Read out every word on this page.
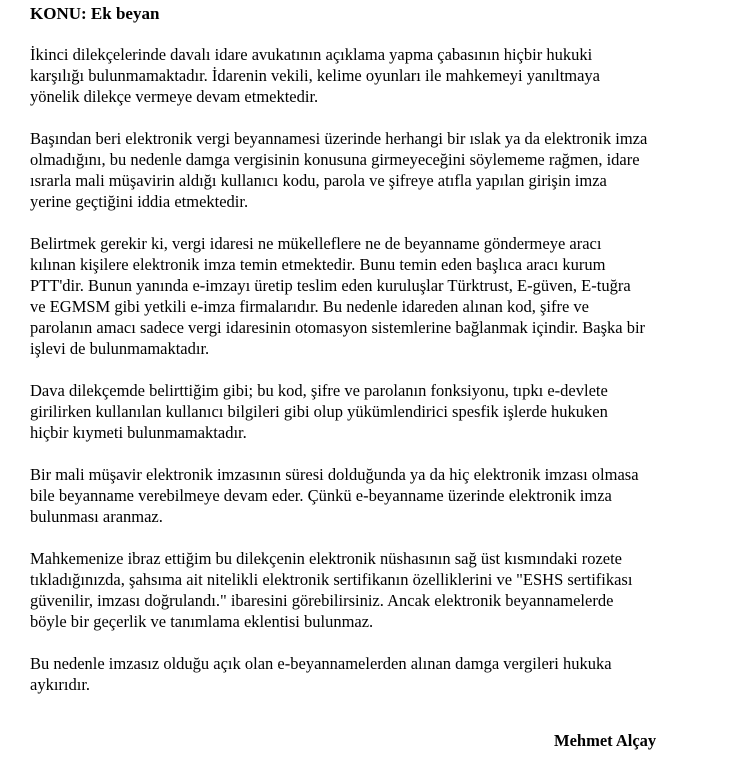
KONU: Ek beyan
İkinci dilekçelerinde davalı idare avukatının açıklama yapma çabasının hiçbir hukuki
karşılığı bulunmamaktadır. İdarenin vekili, kelime oyunları ile mahkemeyi yanıltmaya
yönelik dilekçe vermeye devam etmektedir.
Başından beri elektronik vergi beyannamesi üzerinde herhangi bir ıslak ya da elektronik imza
olmadığını, bu nedenle damga vergisinin konusuna girmeyeceğini söylememe rağmen, idare
ısrarla mali müşavirin aldığı kullanıcı kodu, parola ve şifreye atıfla yapılan girişin imza
yerine geçtiğini iddia etmektedir.
Belirtmek gerekir ki, vergi idaresi ne mükelleflere ne de beyanname göndermeye aracı
kılınan kişilere elektronik imza temin etmektedir. Bunu temin eden başlıca aracı kurum
PTT'dir. Bunun yanında e-imzayı üretip teslim eden kuruluşlar Türktrust, E-güven, E-tuğra
ve EGMSM gibi yetkili e-imza firmalarıdır. Bu nedenle idareden alınan kod, şifre ve
parolanın amacı sadece vergi idaresinin otomasyon sistemlerine bağlanmak içindir. Başka bir
işlevi de bulunmamaktadır.
Dava dilekçemde belirttiğim gibi; bu kod, şifre ve parolanın fonksiyonu, tıpkı e-devlete
girilirken kullanılan kullanıcı bilgileri gibi olup yükümlendirici spesfik işlerde hukuken
hiçbir kıymeti bulunmamaktadır.
Bir mali müşavir elektronik imzasının süresi dolduğunda ya da hiç elektronik imzası olmasa
bile beyanname verebilmeye devam eder. Çünkü e-beyanname üzerinde elektronik imza
bulunması aranmaz.
Mahkemenize ibraz ettiğim bu dilekçenin elektronik nüshasının sağ üst kısmındaki rozete
tıkladığınızda, şahsıma ait nitelikli elektronik sertifikanın özelliklerini ve "ESHS sertifikası
güvenilir, imzası doğrulandı." ibaresini görebilirsiniz. Ancak elektronik beyannamelerde
böyle bir geçerlik ve tanımlama eklentisi bulunmaz.
Bu nedenle imzasız olduğu açık olan e-beyannamelerden alınan damga vergileri hukuka
aykırıdır.
Mehmet Alçay
